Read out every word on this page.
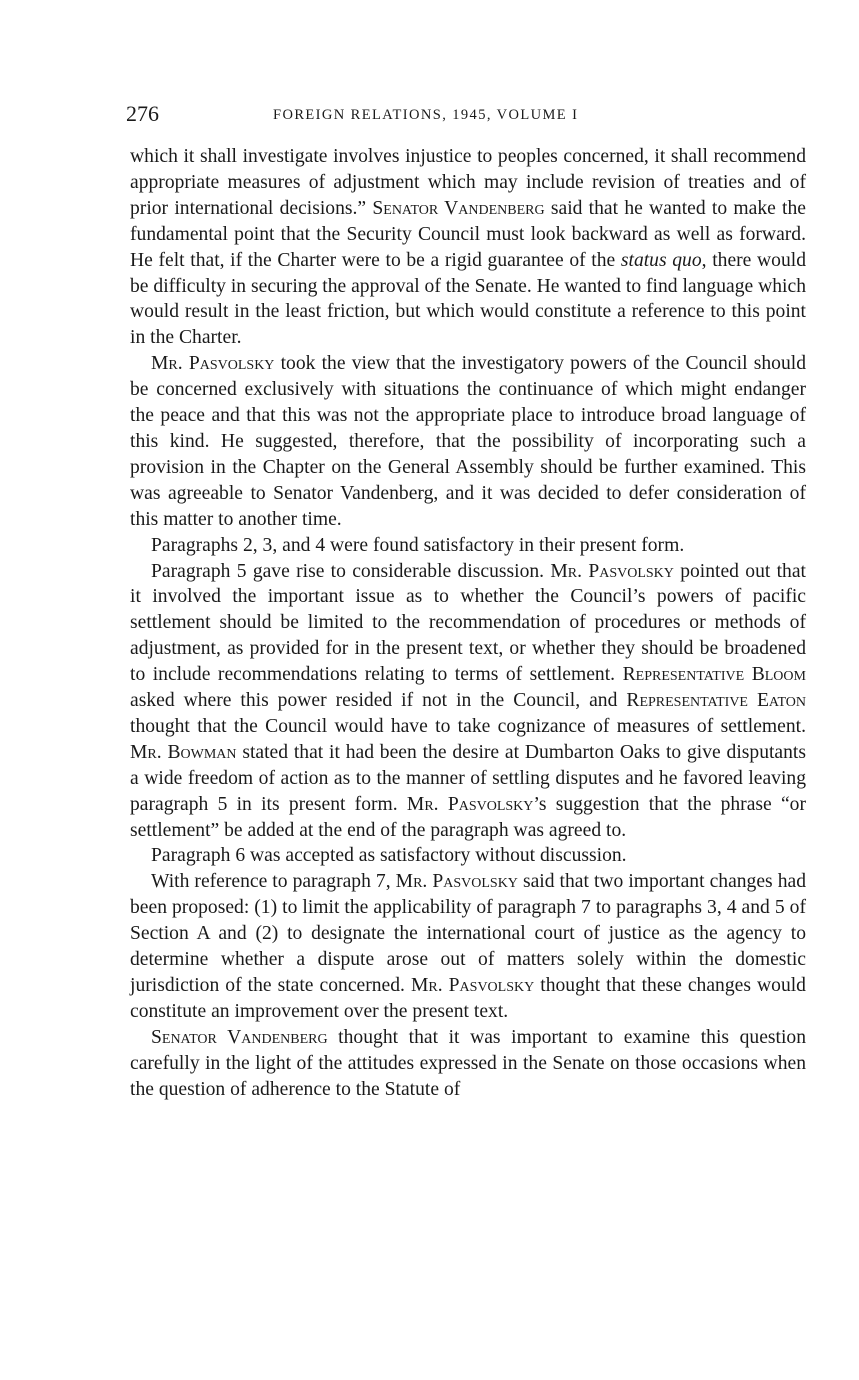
276	FOREIGN RELATIONS, 1945, VOLUME I

which it shall investigate involves injustice to peoples concerned, it shall recommend appropriate measures of adjustment which may include revision of treaties and of prior international decisions.” Senator Vandenberg said that he wanted to make the fundamental point that the Security Council must look backward as well as forward. He felt that, if the Charter were to be a rigid guarantee of the status quo, there would be difficulty in securing the approval of the Senate. He wanted to find language which would result in the least friction, but which would constitute a reference to this point in the Charter.

Mr. Pasvolsky took the view that the investigatory powers of the Council should be concerned exclusively with situations the continuance of which might endanger the peace and that this was not the appropriate place to introduce broad language of this kind. He suggested, therefore, that the possibility of incorporating such a provision in the Chapter on the General Assembly should be further examined. This was agreeable to Senator Vandenberg, and it was decided to defer consideration of this matter to another time.

Paragraphs 2, 3, and 4 were found satisfactory in their present form.

Paragraph 5 gave rise to considerable discussion. Mr. Pasvolsky pointed out that it involved the important issue as to whether the Council’s powers of pacific settlement should be limited to the recommendation of procedures or methods of adjustment, as provided for in the present text, or whether they should be broadened to include recommendations relating to terms of settlement. Representative Bloom asked where this power resided if not in the Council, and Representative Eaton thought that the Council would have to take cognizance of measures of settlement. Mr. Bowman stated that it had been the desire at Dumbarton Oaks to give disputants a wide freedom of action as to the manner of settling disputes and he favored leaving paragraph 5 in its present form. Mr. Pasvolsky’s suggestion that the phrase “or settlement” be added at the end of the paragraph was agreed to.

Paragraph 6 was accepted as satisfactory without discussion.

With reference to paragraph 7, Mr. Pasvolsky said that two important changes had been proposed: (1) to limit the applicability of paragraph 7 to paragraphs 3, 4 and 5 of Section A and (2) to designate the international court of justice as the agency to determine whether a dispute arose out of matters solely within the domestic jurisdiction of the state concerned. Mr. Pasvolsky thought that these changes would constitute an improvement over the present text.

Senator Vandenberg thought that it was important to examine this question carefully in the light of the attitudes expressed in the Senate on those occasions when the question of adherence to the Statute of
